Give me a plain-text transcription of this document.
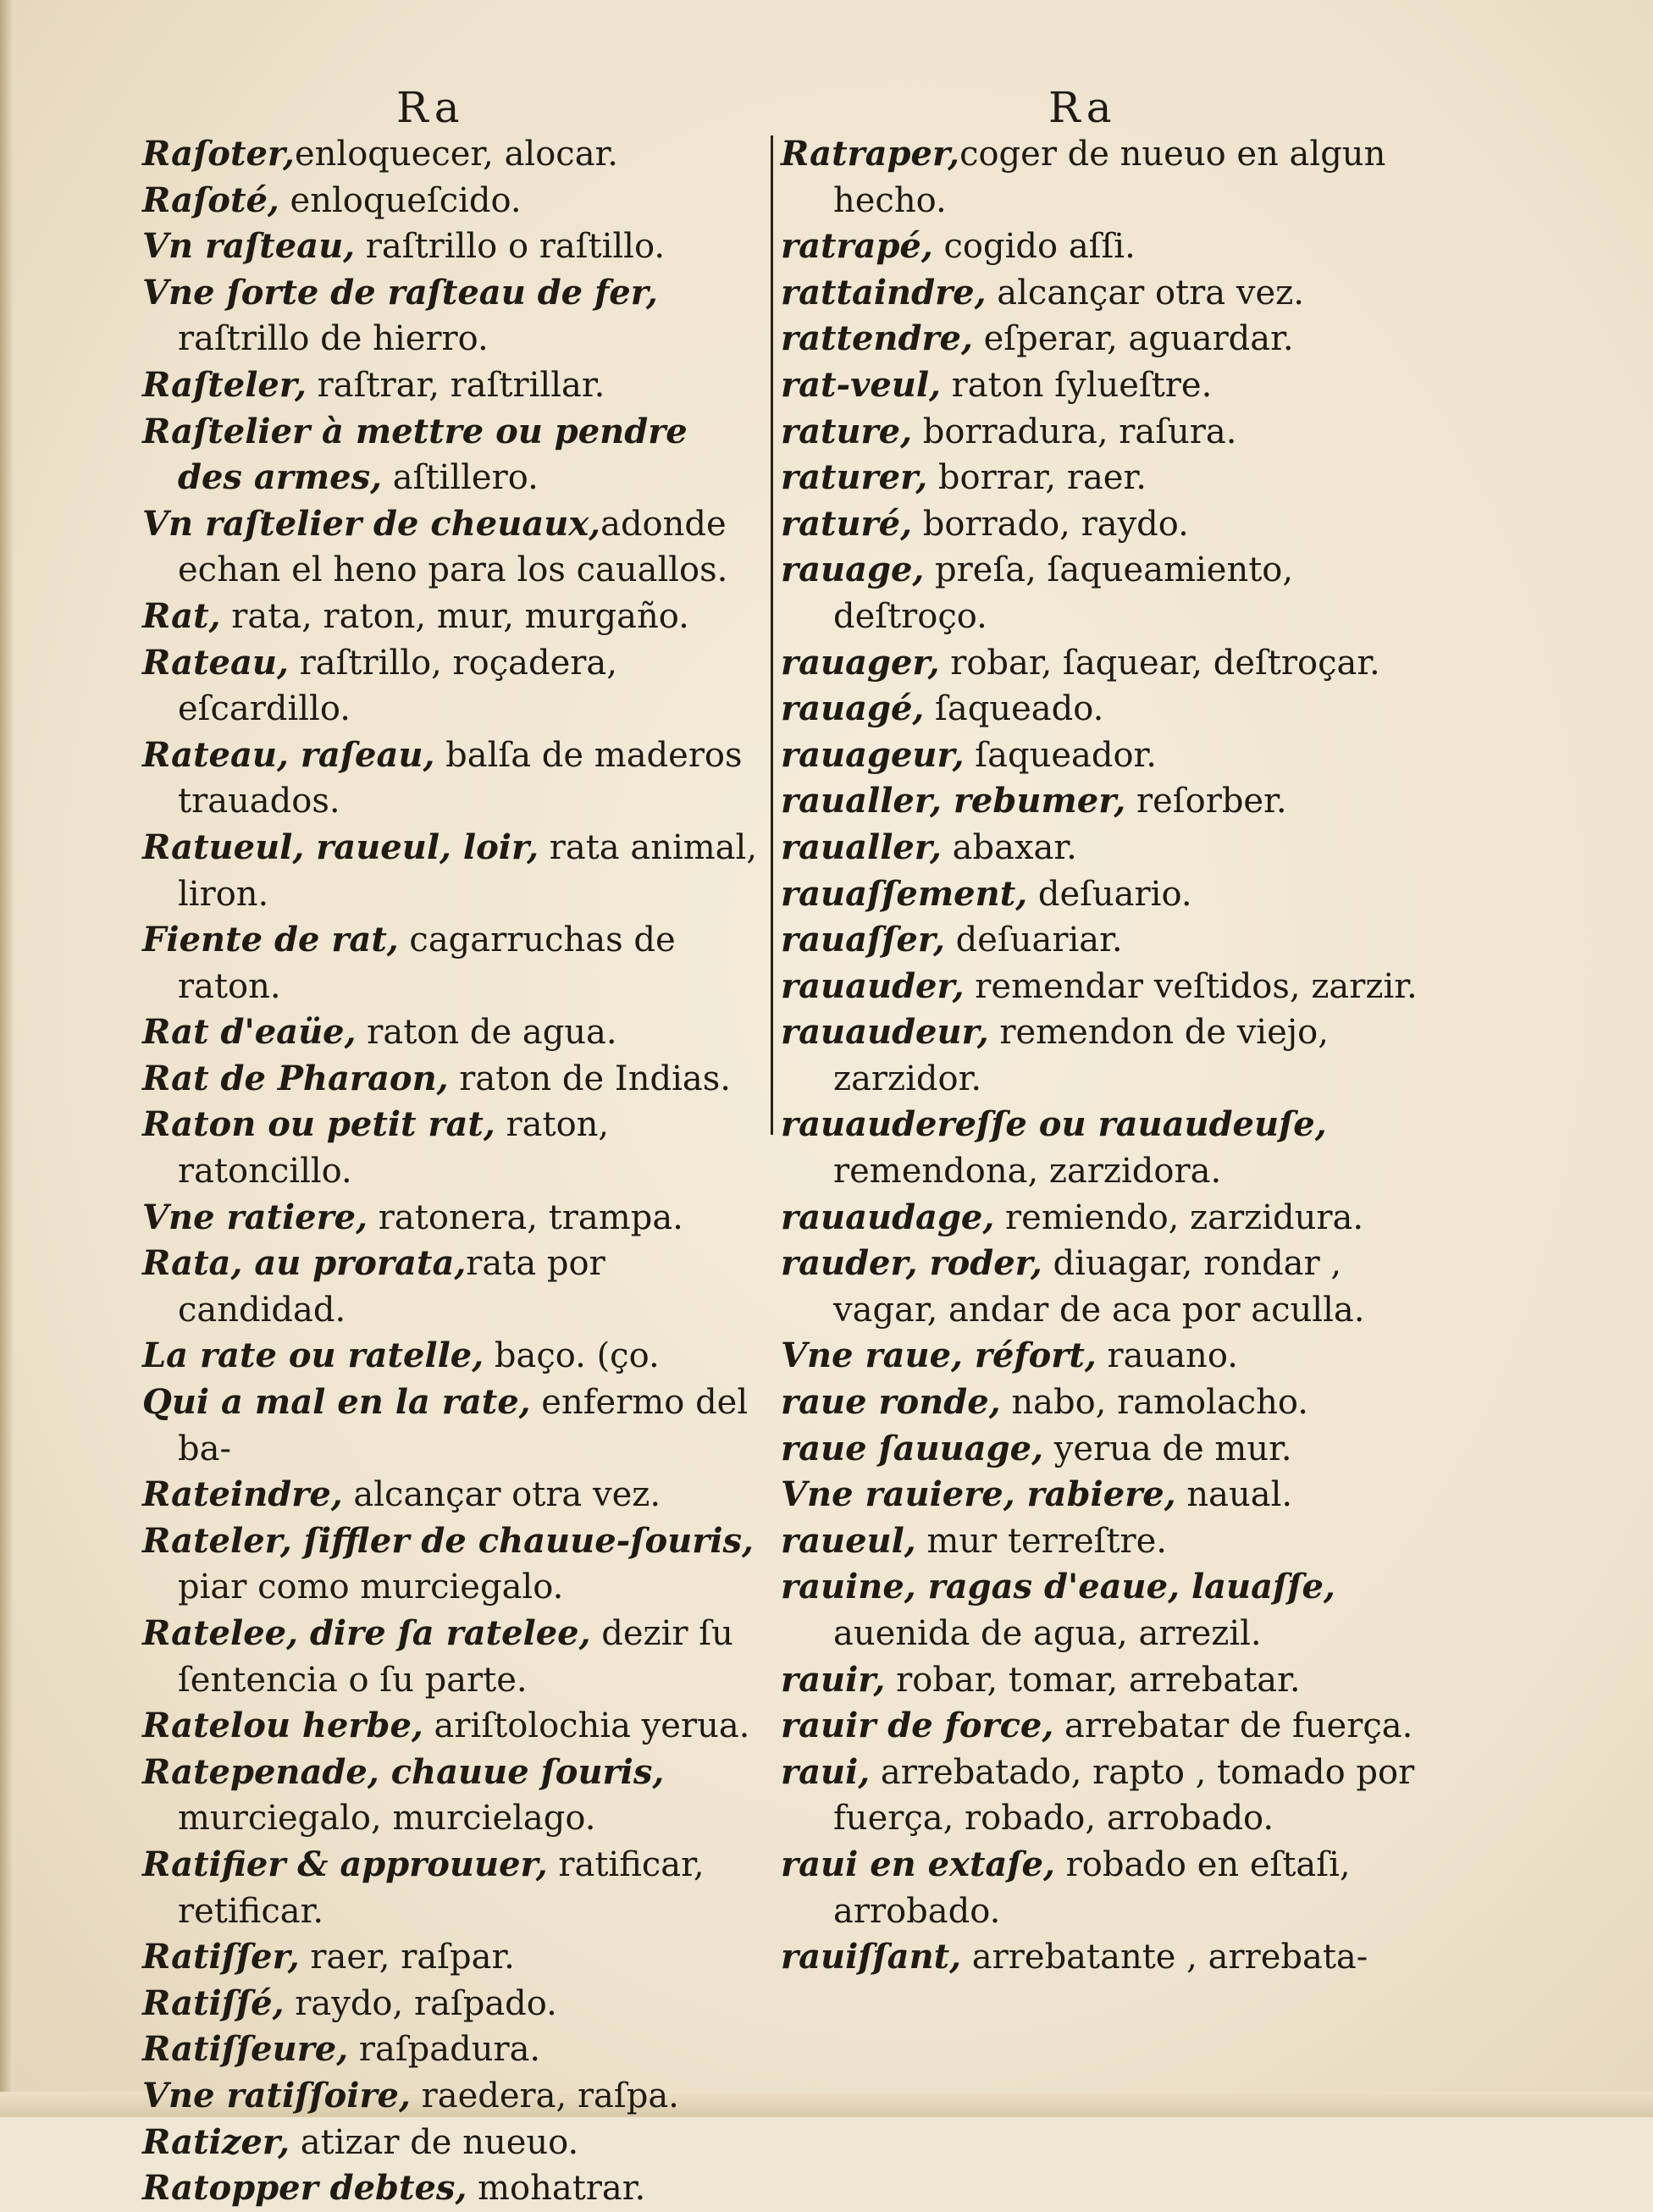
Ra	Ra
Raſoter,enloquecer, alocar.
Raſoté, enloqueſcido.
Vn raſteau, raſtrillo o raſtillo.
Vne ſorte de raſteau de fer, raſtrillo de hierro.
Raſteler, raſtrar, raſtrillar.
Raſtelier à mettre ou pendre des armes, aſtillero.
Vn raſtelier de cheuaux,adonde echan el heno para los cauallos.
Rat, rata, raton, mur, murgaño.
Rateau, raſtrillo, roçadera, eſcardillo.
Rateau, raſeau, balſa de maderos trauados.
Ratueul, raueul, loir, rata animal, liron.
Fiente de rat, cagarruchas de raton.
Rat d'eaüe, raton de agua.
Rat de Pharaon, raton de Indias.
Raton ou petit rat, raton, ratoncillo.
Vne ratiere, ratonera, trampa.
Rata, au prorata,rata por candidad.
La rate ou ratelle, baço. (ço.
Qui a mal en la rate, enfermo del ba-
Rateindre, alcançar otra vez.
Rateler, ſiffler de chauue-ſouris, piar como murciegalo.
Ratelee, dire ſa ratelee, dezir ſu ſentencia o ſu parte.
Ratelou herbe, ariſtolochia yerua.
Ratepenade, chauue ſouris, murciegalo, murcielago.
Ratifier & approuuer, ratificar, retificar.
Ratiſſer, raer, raſpar.
Ratiſſé, raydo, raſpado.
Ratiſſeure, raſpadura.
Vne ratiſſoire, raedera, raſpa.
Ratizer, atizar de nueuo.
Ratopper debtes, mohatrar.
Ratraper,coger de nueuo en algun hecho.
ratrapé, cogido aſſi.
rattaindre, alcançar otra vez.
rattendre, eſperar, aguardar.
rat-veul, raton ſylueſtre.
rature, borradura, raſura.
raturer, borrar, raer.
raturé, borrado, raydo.
rauage, preſa, ſaqueamiento, deſtroço.
rauager, robar, ſaquear, deſtroçar.
rauagé, ſaqueado.
rauageur, ſaqueador.
raualler, rebumer, reſorber.
raualler, abaxar.
rauaſſement, deſuario.
rauaſſer, deſuariar.
rauauder, remendar veſtidos, zarzir.
rauaudeur, remendon de viejo, zarzidor.
rauaudereſſe ou rauaudeuſe, remendona, zarzidora.
rauaudage, remiendo, zarzidura.
rauder, roder, diuagar, rondar , vagar, andar de aca por aculla.
Vne raue, réfort, rauano.
raue ronde, nabo, ramolacho.
raue ſauuage, yerua de mur.
Vne rauiere, rabiere, naual.
raueul, mur terreſtre.
rauine, ragas d'eaue, lauaſſe, auenida de agua, arrezil.
rauir, robar, tomar, arrebatar.
rauir de force, arrebatar de fuerça.
raui, arrebatado, rapto , tomado por fuerça, robado, arrobado.
raui en extaſe, robado en eſtaſi, arrobado.
rauiſſant, arrebatante , arrebata-
